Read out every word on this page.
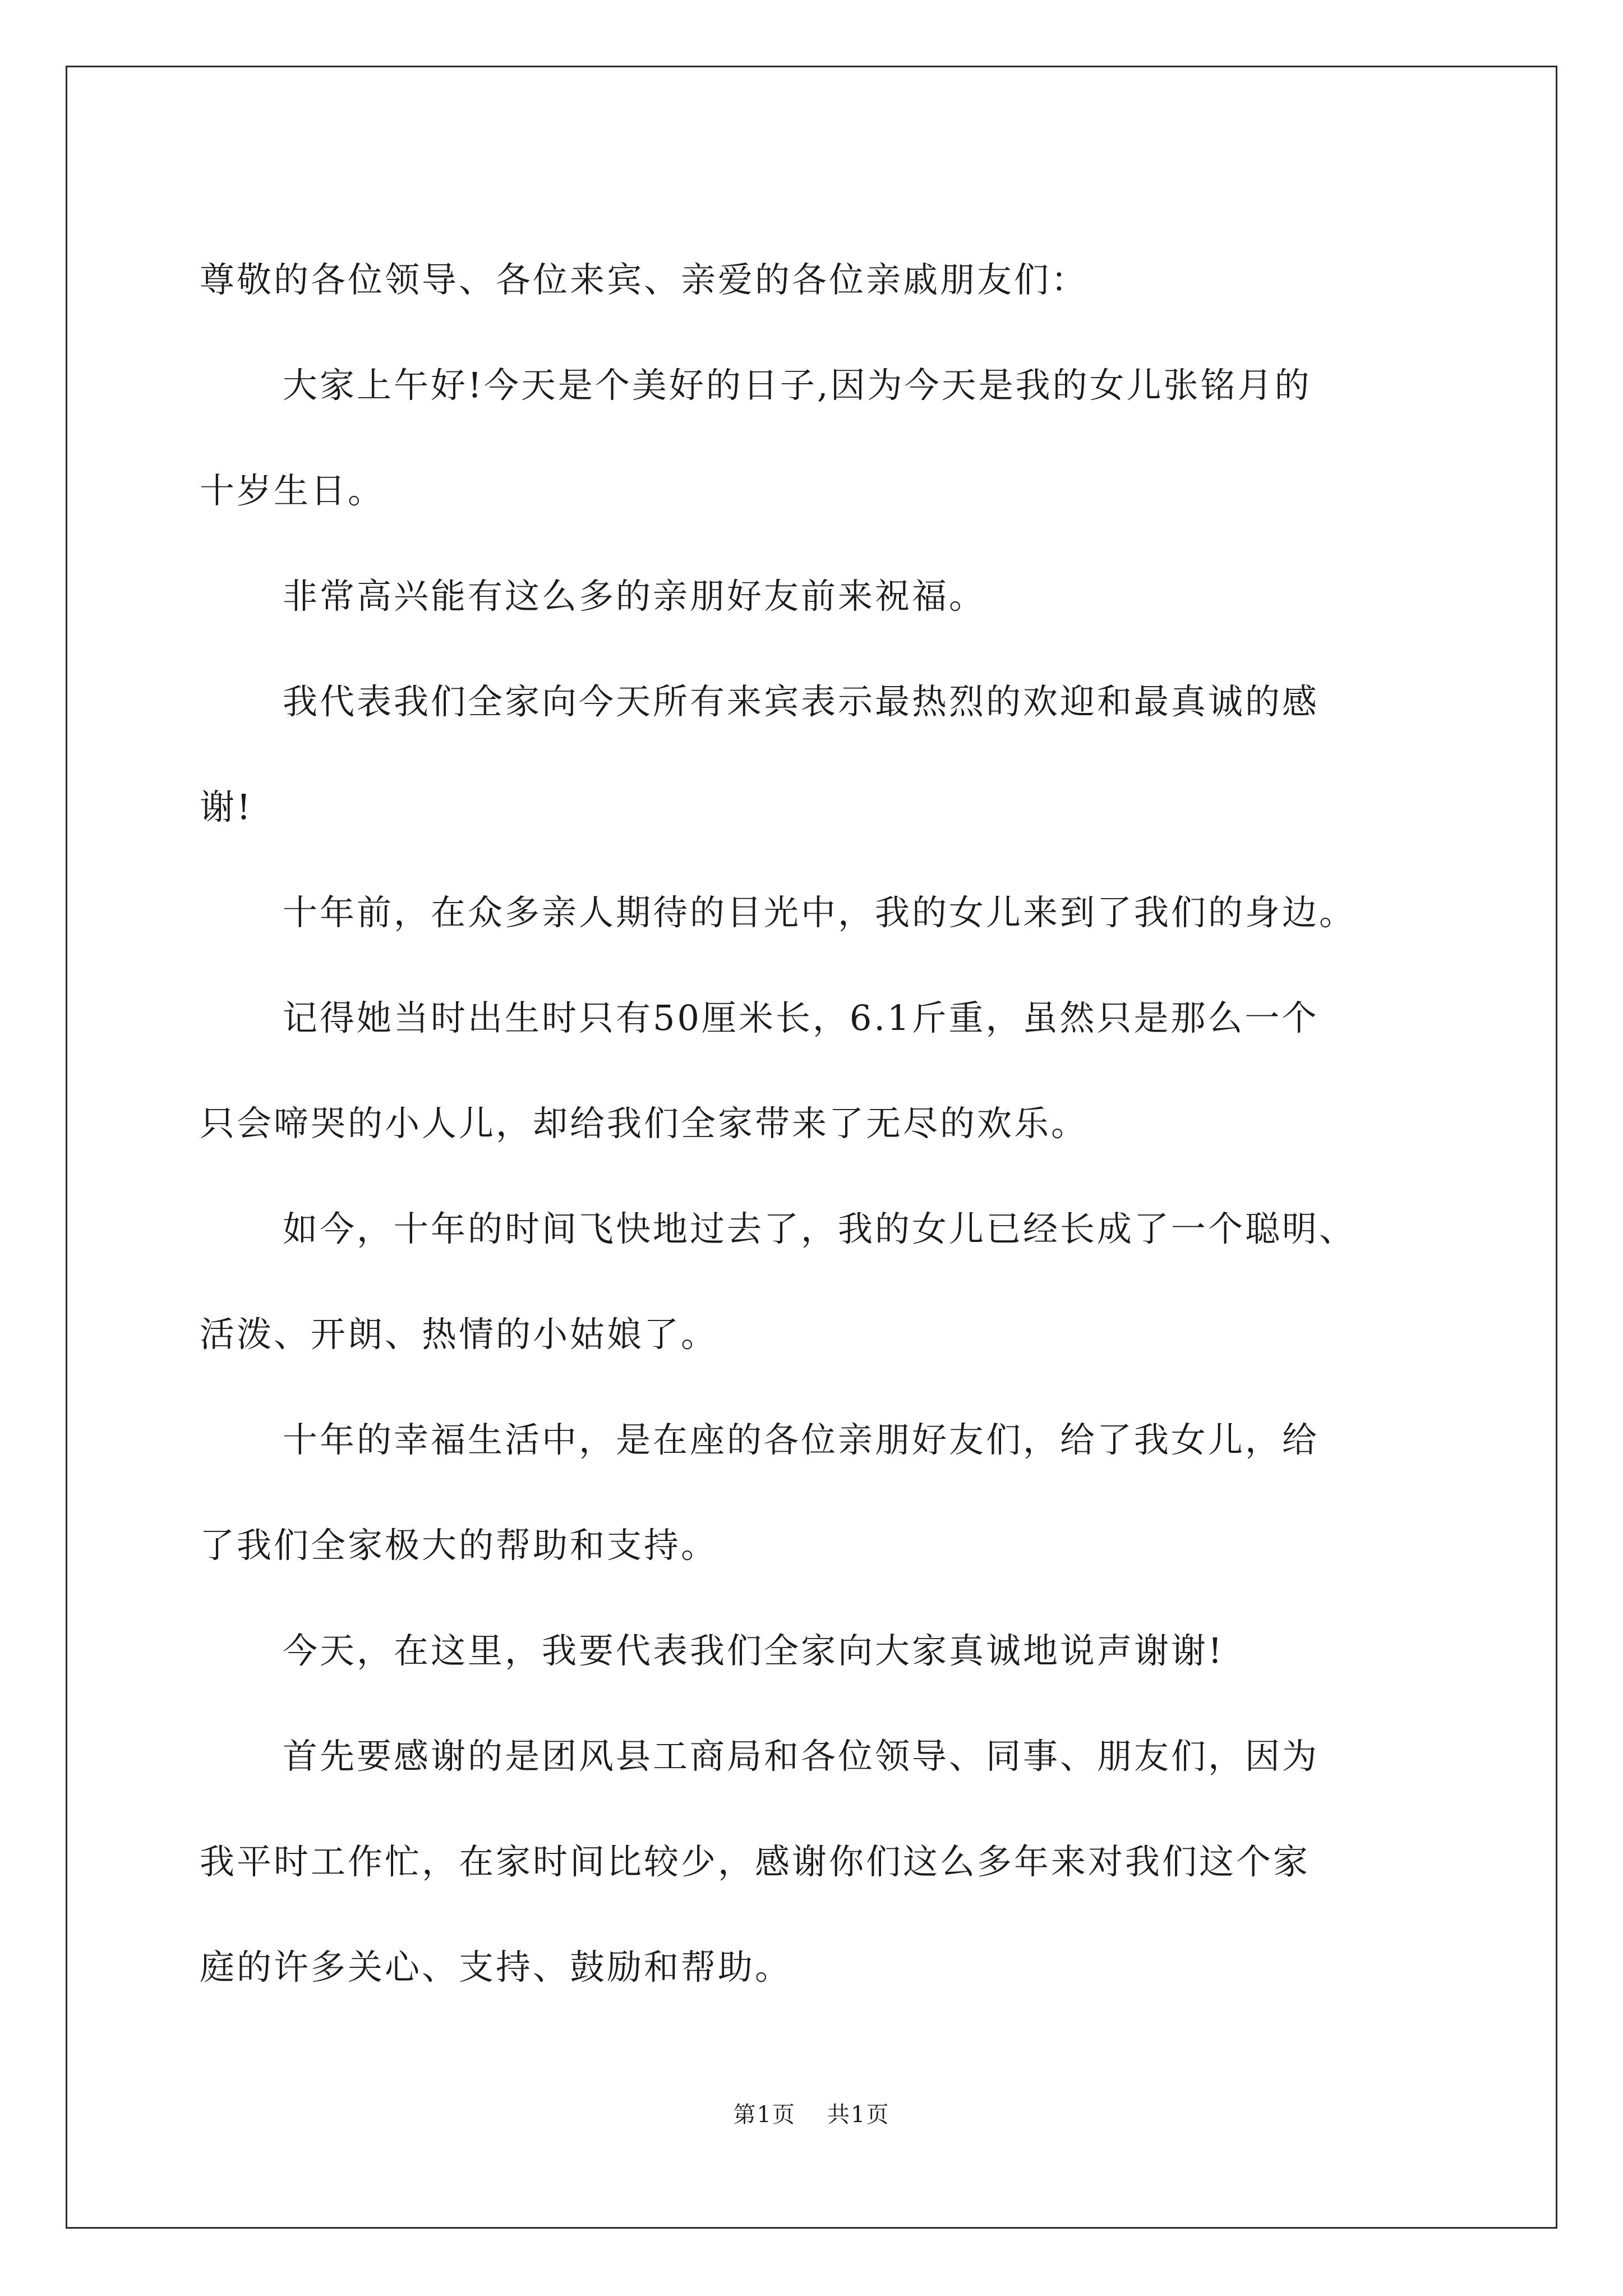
尊敬的各位领导、各位来宾、亲爱的各位亲戚朋友们：

大家上午好!今天是个美好的日子,因为今天是我的女儿张铭月的
十岁生日。

非常高兴能有这么多的亲朋好友前来祝福。

我代表我们全家向今天所有来宾表示最热烈的欢迎和最真诚的感
谢!

十年前，在众多亲人期待的目光中，我的女儿来到了我们的身边。

记得她当时出生时只有50厘米长，6.1斤重，虽然只是那么一个
只会啼哭的小人儿，却给我们全家带来了无尽的欢乐。

如今，十年的时间飞快地过去了，我的女儿已经长成了一个聪明、
活泼、开朗、热情的小姑娘了。

十年的幸福生活中，是在座的各位亲朋好友们，给了我女儿，给
了我们全家极大的帮助和支持。

今天，在这里，我要代表我们全家向大家真诚地说声谢谢!

首先要感谢的是团风县工商局和各位领导、同事、朋友们，因为
我平时工作忙，在家时间比较少，感谢你们这么多年来对我们这个家
庭的许多关心、支持、鼓励和帮助。

第1页 共1页
